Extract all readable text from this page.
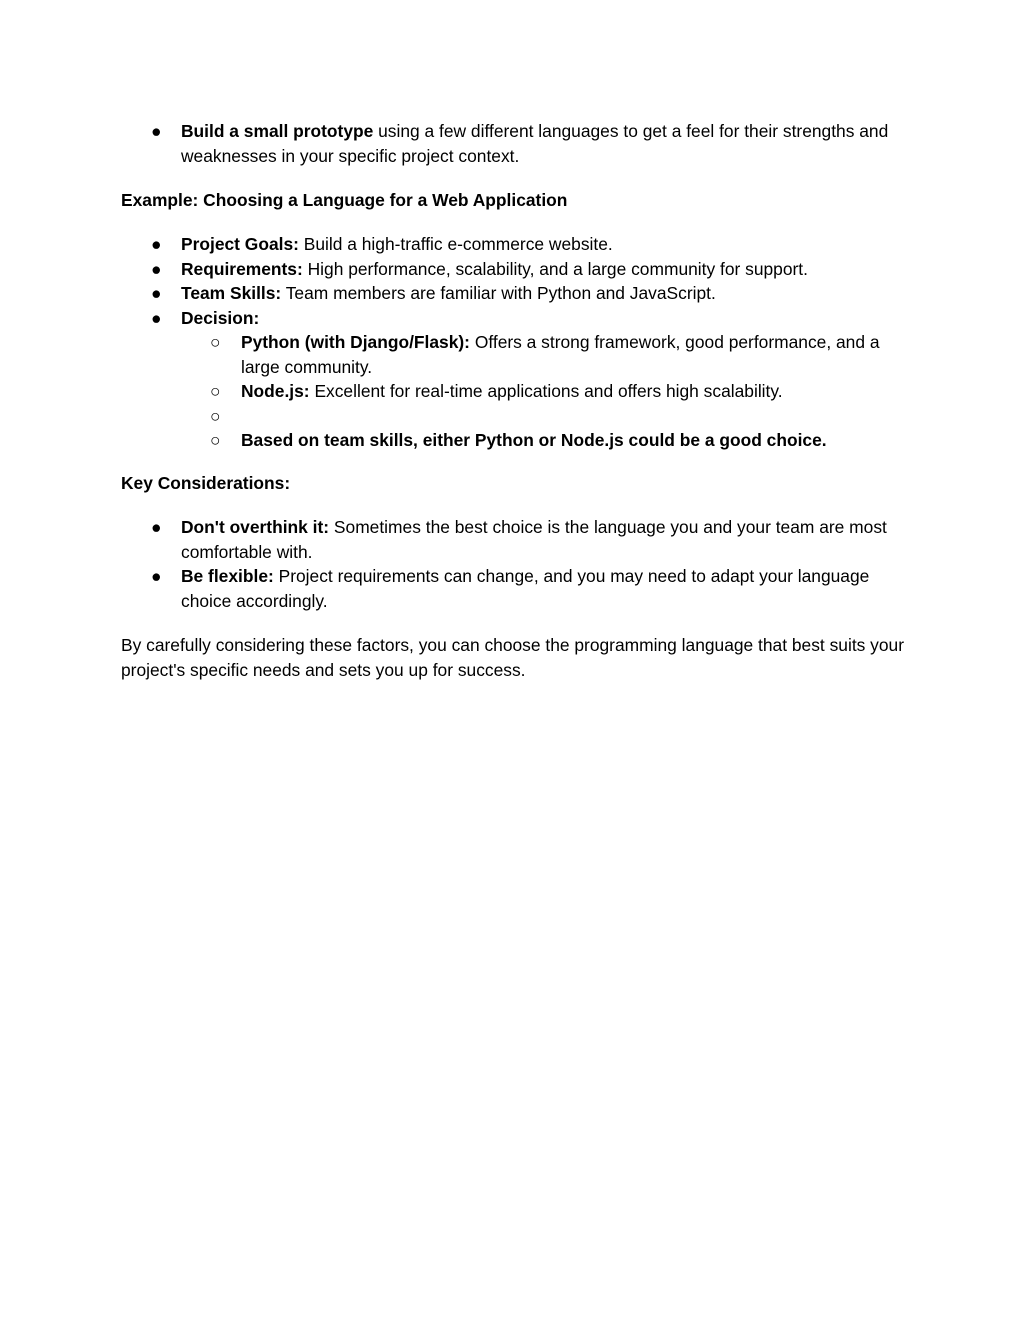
●	Build a small prototype using a few different languages to get a feel for their strengths and weaknesses in your specific project context.
Example: Choosing a Language for a Web Application
●	Project Goals: Build a high-traffic e-commerce website.
●	Requirements: High performance, scalability, and a large community for support.
●	Team Skills: Team members are familiar with Python and JavaScript.
●	Decision:
○	Python (with Django/Flask): Offers a strong framework, good performance, and a large community.
○	Node.js: Excellent for real-time applications and offers high scalability.
○
○	Based on team skills, either Python or Node.js could be a good choice.
Key Considerations:
●	Don't overthink it: Sometimes the best choice is the language you and your team are most comfortable with.
●	Be flexible: Project requirements can change, and you may need to adapt your language choice accordingly.
By carefully considering these factors, you can choose the programming language that best suits your project's specific needs and sets you up for success.
